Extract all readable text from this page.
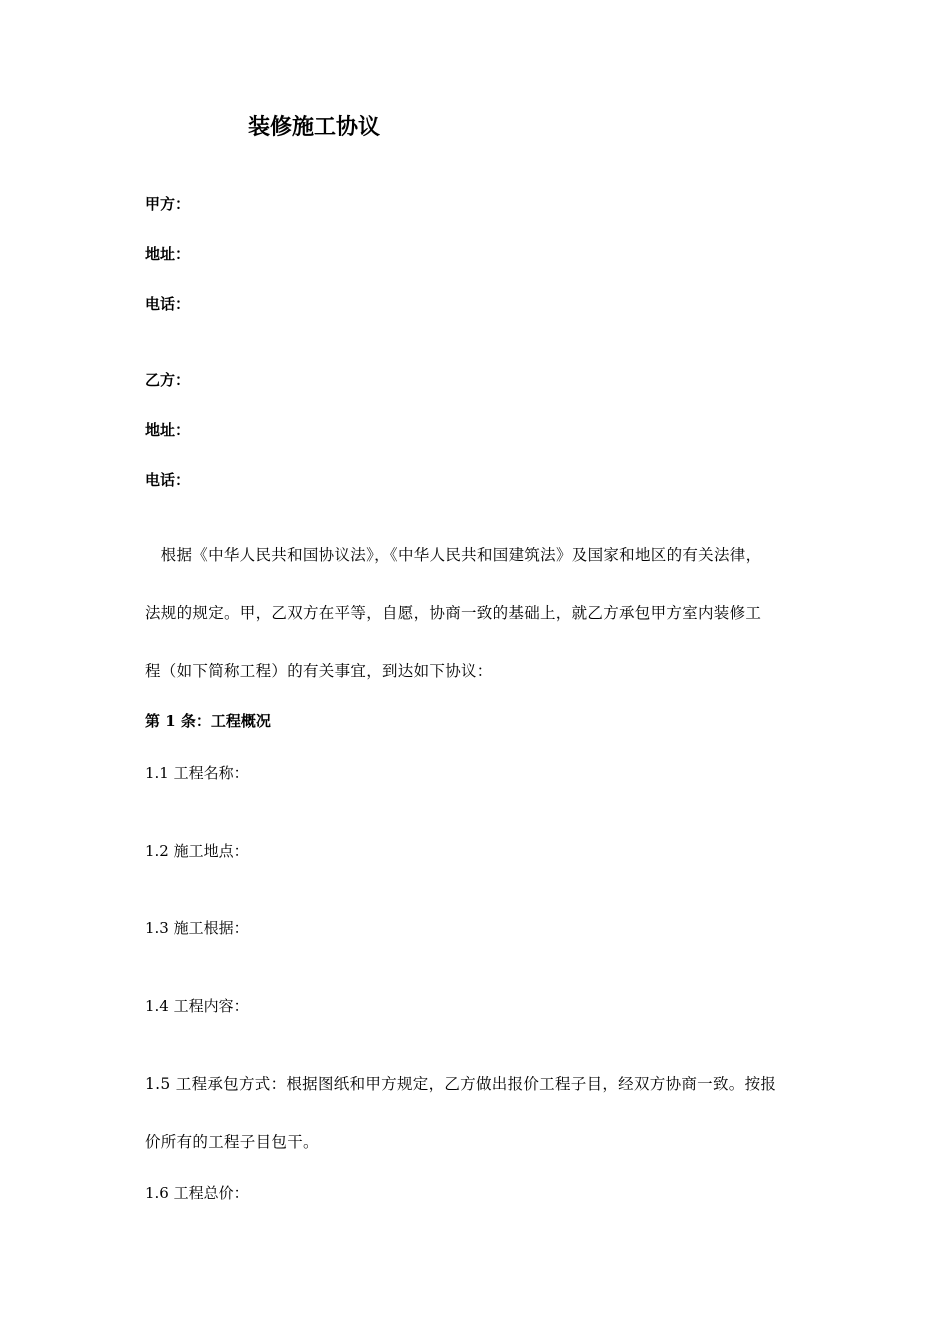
装修施工协议
甲方：
地址：
电话：
乙方：
地址：
电话：
根据《中华人民共和国协议法》，《中华人民共和国建筑法》及国家和地区的有关法律，
法规的规定。甲，乙双方在平等，自愿，协商一致的基础上，就乙方承包甲方室内装修工
程（如下简称工程）的有关事宜，到达如下协议：
第 1 条：工程概况
1.1 工程名称：
1.2 施工地点：
1.3 施工根据：
1.4 工程内容：
1.5 工程承包方式：根据图纸和甲方规定，乙方做出报价工程子目，经双方协商一致。按报
价所有的工程子目包干。
1.6 工程总价：
